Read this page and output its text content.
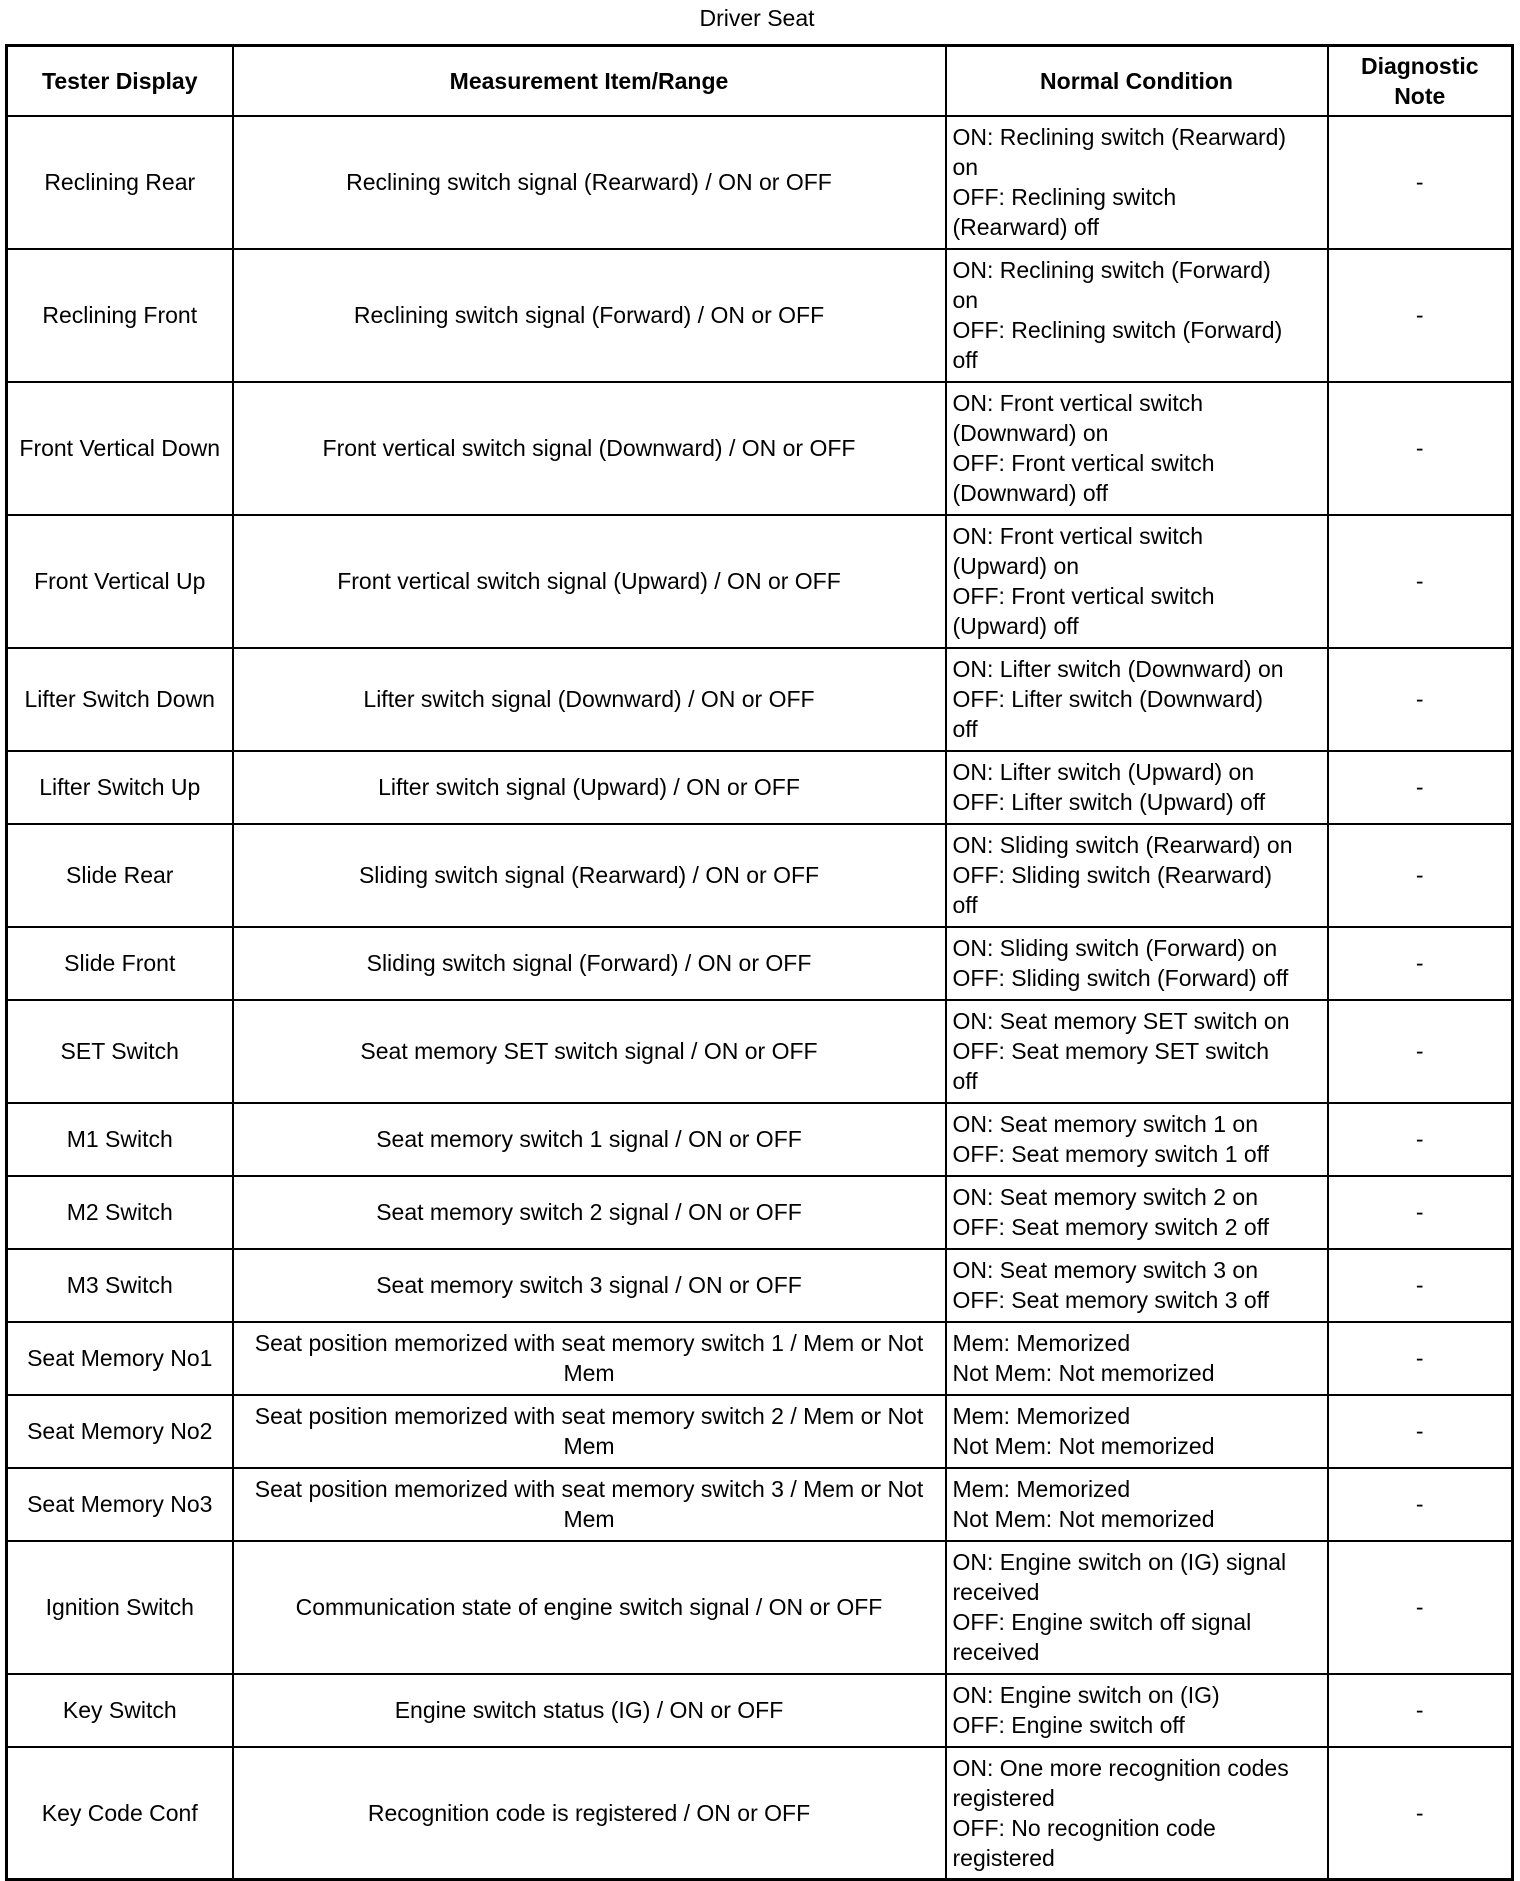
Driver Seat
Tester Display	Measurement Item/Range	Normal Condition	Diagnostic
Note

Reclining Rear	Reclining switch signal (Rearward) / ON or OFF	ON: Reclining switch (Rearward)
on
OFF: Reclining switch
(Rearward) off	-
Reclining Front	Reclining switch signal (Forward) / ON or OFF	ON: Reclining switch (Forward)
on
OFF: Reclining switch (Forward)
off	-
Front Vertical Down	Front vertical switch signal (Downward) / ON or OFF	ON: Front vertical switch
(Downward) on
OFF: Front vertical switch
(Downward) off	-
Front Vertical Up	Front vertical switch signal (Upward) / ON or OFF	ON: Front vertical switch
(Upward) on
OFF: Front vertical switch
(Upward) off	-
Lifter Switch Down	Lifter switch signal (Downward) / ON or OFF	ON: Lifter switch (Downward) on
OFF: Lifter switch (Downward)
off	-
Lifter Switch Up	Lifter switch signal (Upward) / ON or OFF	ON: Lifter switch (Upward) on
OFF: Lifter switch (Upward) off	-
Slide Rear	Sliding switch signal (Rearward) / ON or OFF	ON: Sliding switch (Rearward) on
OFF: Sliding switch (Rearward)
off	-
Slide Front	Sliding switch signal (Forward) / ON or OFF	ON: Sliding switch (Forward) on
OFF: Sliding switch (Forward) off	-
SET Switch	Seat memory SET switch signal / ON or OFF	ON: Seat memory SET switch on
OFF: Seat memory SET switch
off	-
M1 Switch	Seat memory switch 1 signal / ON or OFF	ON: Seat memory switch 1 on
OFF: Seat memory switch 1 off	-
M2 Switch	Seat memory switch 2 signal / ON or OFF	ON: Seat memory switch 2 on
OFF: Seat memory switch 2 off	-
M3 Switch	Seat memory switch 3 signal / ON or OFF	ON: Seat memory switch 3 on
OFF: Seat memory switch 3 off	-
Seat Memory No1	Seat position memorized with seat memory switch 1 / Mem or Not Mem	Mem: Memorized
Not Mem: Not memorized	-
Seat Memory No2	Seat position memorized with seat memory switch 2 / Mem or Not Mem	Mem: Memorized
Not Mem: Not memorized	-
Seat Memory No3	Seat position memorized with seat memory switch 3 / Mem or Not Mem	Mem: Memorized
Not Mem: Not memorized	-
Ignition Switch	Communication state of engine switch signal / ON or OFF	ON: Engine switch on (IG) signal
received
OFF: Engine switch off signal
received	-
Key Switch	Engine switch status (IG) / ON or OFF	ON: Engine switch on (IG)
OFF: Engine switch off	-
Key Code Conf	Recognition code is registered / ON or OFF	ON: One more recognition codes
registered
OFF: No recognition code
registered	-
